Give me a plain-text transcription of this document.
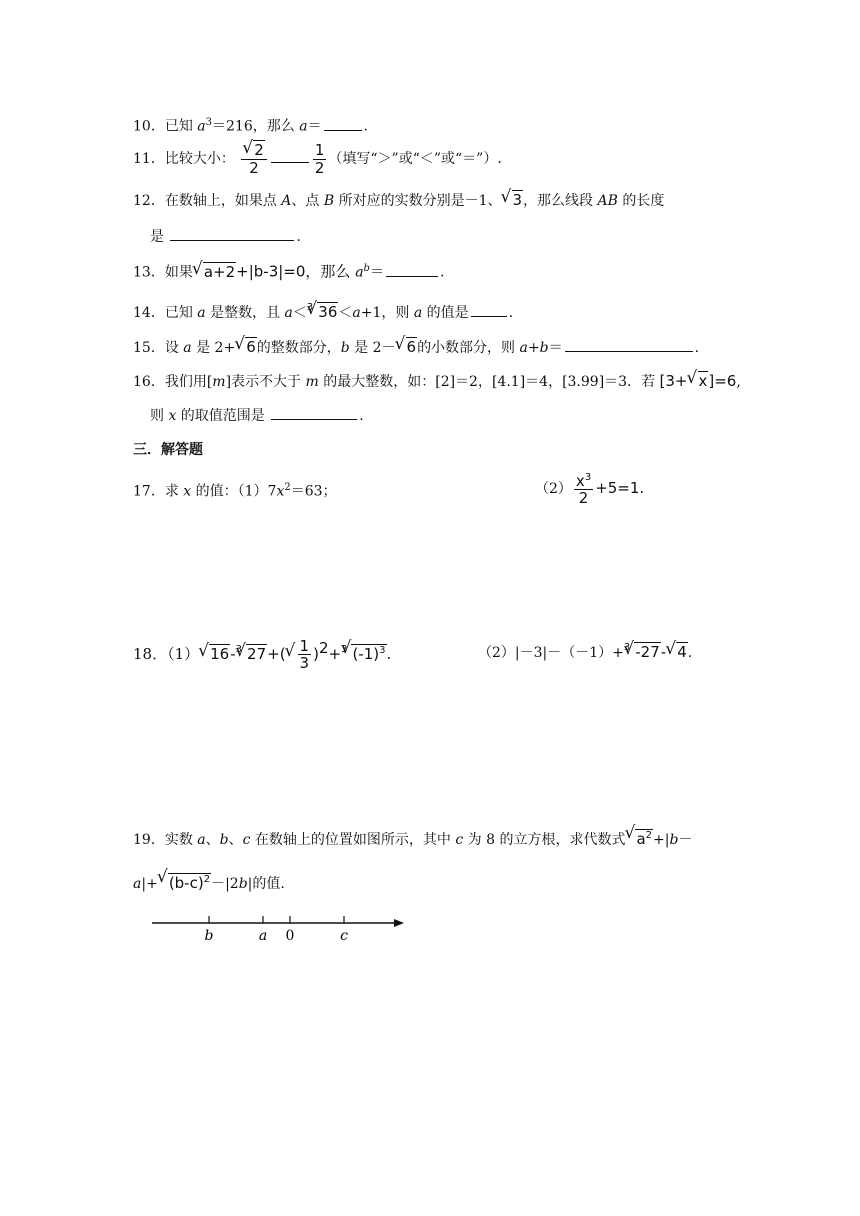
10．已知 $a^3=216$，那么 a＝	.
11．比较大小：
√ $\frac{2}{2}$	$\frac{1}{2}$ （填写“＞”或“＜”或“＝”）.
12．在数轴上，如果点 A、点 B 所对应的实数分别是－1、√ 3，那么线段 AB 的长度
是	.
13．如果√ a+2+|b-3|=0，那么 $a^b=$	.
14．已知 a 是整数，且 a＜$^3$√ 36＜a+1，则 a 的值是	.
15．设 a 是 2+√ 6的整数部分，b 是 2－√ 6的小数部分，则 a+b＝	.
16．我们用[m]表示不大于 m 的最大整数，如：[2]＝2，[4.1]＝4，[3.99]＝3．若 [3+√ x]=6,
则 x 的取值范围是	.
三．解答题
17．求 x 的值：$(1)7x^2=63$；	$(2) \frac{x^3}{2} +5=1$.
18．（1）√ 16-$^3$√ 27+(
√ $\frac{1}{3} )^2+^3√$ $(-1)^3$.	（2）|－3|－（－1）+$^3$√ -27-√ 4.
19．实数 a、b、c 在数轴上的位置如图所示，其中 c 为 8 的立方根，求代数式√ $a^2+|b-$
a|+√ $(b-c)^2-|2b|$的值.
b	a 0	c
